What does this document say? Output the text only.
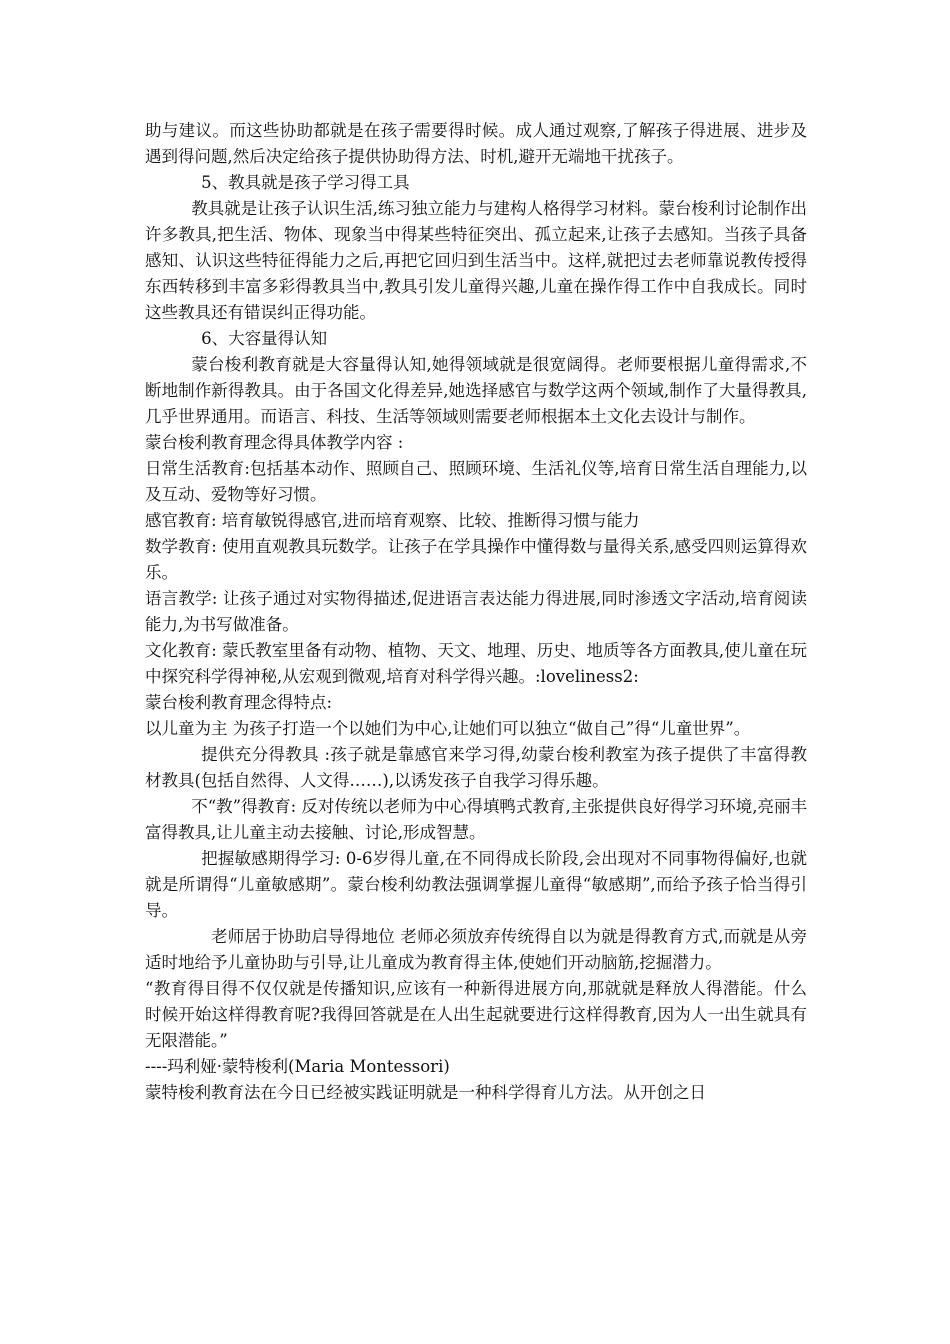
助与建议。而这些协助都就是在孩子需要得时候。成人通过观察,了解孩子得进展、进步及遇到得问题,然后决定给孩子提供协助得方法、时机,避开无端地干扰孩子。

5、教具就是孩子学习得工具

教具就是让孩子认识生活,练习独立能力与建构人格得学习材料。蒙台梭利讨论制作出许多教具,把生活、物体、现象当中得某些特征突出、孤立起来,让孩子去感知。当孩子具备感知、认识这些特征得能力之后,再把它回归到生活当中。这样,就把过去老师靠说教传授得东西转移到丰富多彩得教具当中,教具引发儿童得兴趣,儿童在操作得工作中自我成长。同时这些教具还有错误纠正得功能。

6、大容量得认知

蒙台梭利教育就是大容量得认知,她得领域就是很宽阔得。老师要根据儿童得需求,不断地制作新得教具。由于各国文化得差异,她选择感官与数学这两个领域,制作了大量得教具,几乎世界通用。而语言、科技、生活等领域则需要老师根据本土文化去设计与制作。

蒙台梭利教育理念得具体教学内容 :

日常生活教育:包括基本动作、照顾自己、照顾环境、生活礼仪等,培育日常生活自理能力,以及互动、爱物等好习惯。

感官教育: 培育敏锐得感官,进而培育观察、比较、推断得习惯与能力

数学教育: 使用直观教具玩数学。让孩子在学具操作中懂得数与量得关系,感受四则运算得欢乐。

语言教学: 让孩子通过对实物得描述,促进语言表达能力得进展,同时渗透文字活动,培育阅读能力,为书写做准备。

文化教育: 蒙氏教室里备有动物、植物、天文、地理、历史、地质等各方面教具,使儿童在玩中探究科学得神秘,从宏观到微观,培育对科学得兴趣。:loveliness2:

蒙台梭利教育理念得特点:

以儿童为主 为孩子打造一个以她们为中心,让她们可以独立“做自己”得“儿童世界”。

提供充分得教具 :孩子就是靠感官来学习得,幼蒙台梭利教室为孩子提供了丰富得教材教具(包括自然得、人文得……),以诱发孩子自我学习得乐趣。

不“教”得教育: 反对传统以老师为中心得填鸭式教育,主张提供良好得学习环境,亮丽丰富得教具,让儿童主动去接触、讨论,形成智慧。

把握敏感期得学习: 0-6岁得儿童,在不同得成长阶段,会出现对不同事物得偏好,也就就是所谓得“儿童敏感期”。蒙台梭利幼教法强调掌握儿童得“敏感期”,而给予孩子恰当得引导。

老师居于协助启导得地位 老师必须放弃传统得自以为就是得教育方式,而就是从旁适时地给予儿童协助与引导,让儿童成为教育得主体,使她们开动脑筋,挖掘潜力。

“教育得目得不仅仅就是传播知识,应该有一种新得进展方向,那就就是释放人得潜能。什么时候开始这样得教育呢?我得回答就是在人出生起就要进行这样得教育,因为人一出生就具有无限潜能。”

----玛利娅·蒙特梭利(Maria Montessori)

蒙特梭利教育法在今日已经被实践证明就是一种科学得育儿方法。从开创之日
